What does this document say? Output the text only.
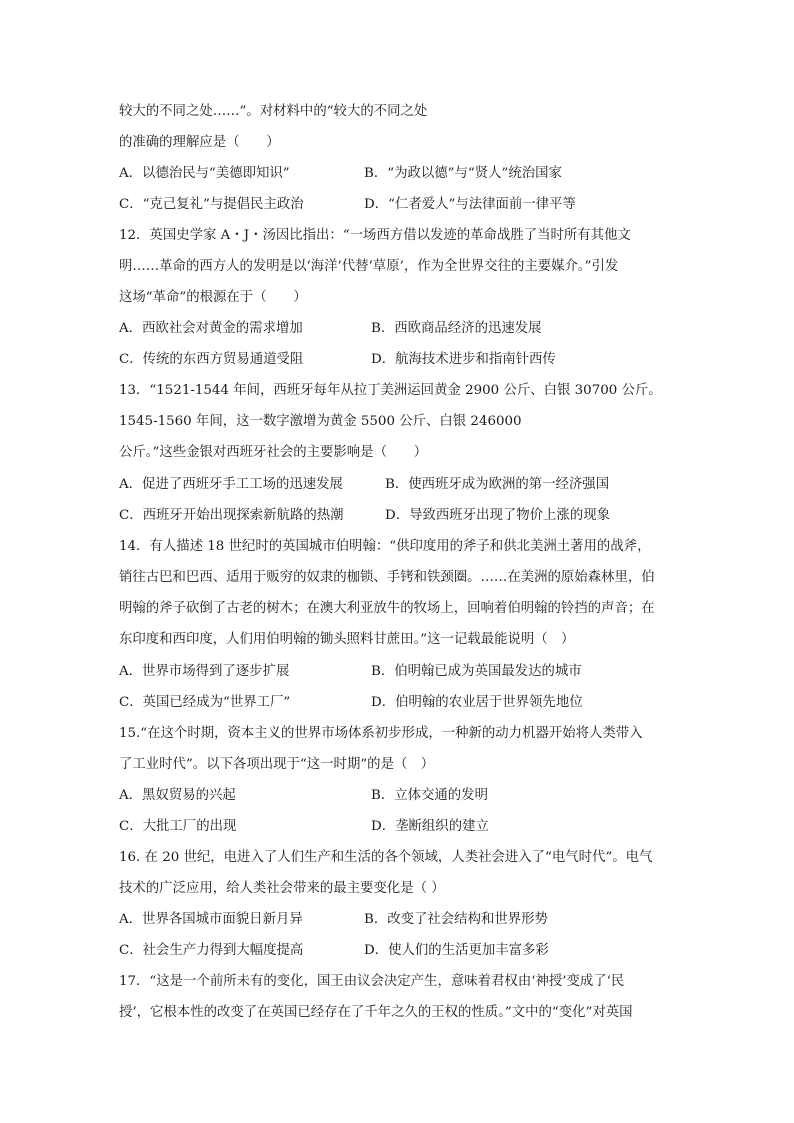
较大的不同之处……”。对材料中的“较大的不同之处
的准确的理解应是（　　）
A．以德治民与“美德即知识”	B．“为政以德”与“贤人”统治国家
C．“克己复礼”与提倡民主政治	D．“仁者爱人”与法律面前一律平等
12．英国史学家 A・J・汤因比指出：“一场西方借以发迹的革命战胜了当时所有其他文
明……革命的西方人的发明是以‘海洋’代替‘草原’，作为全世界交往的主要媒介。”引发
这场“革命”的根源在于（　　）
A．西欧社会对黄金的需求增加	B．西欧商品经济的迅速发展
C．传统的东西方贸易通道受阻	D．航海技术进步和指南针西传
13．“1521-1544 年间，西班牙每年从拉丁美洲运回黄金 2900 公斤、白银 30700 公斤。
1545-1560 年间，这一数字激增为黄金 5500 公斤、白银 246000
公斤。”这些金银对西班牙社会的主要影响是（　　）
A．促进了西班牙手工工场的迅速发展	B．使西班牙成为欧洲的第一经济强国
C．西班牙开始出现探索新航路的热潮	D．导致西班牙出现了物价上涨的现象
14．有人描述 18 世纪时的英国城市伯明翰：“供印度用的斧子和供北美洲土著用的战斧，
销往古巴和巴西、适用于贩穷的奴隶的枷锁、手铐和铁颈圈。……在美洲的原始森林里，伯
明翰的斧子砍倒了古老的树木；在澳大利亚放牛的牧场上，回响着伯明翰的铃挡的声音；在
东印度和西印度，人们用伯明翰的锄头照料甘蔗田。”这一记载最能说明（　）
A．世界市场得到了逐步扩展	B．伯明翰已成为英国最发达的城市
C．英国已经成为“世界工厂”	D．伯明翰的农业居于世界领先地位
15.“在这个时期，资本主义的世界市场体系初步形成，一种新的动力机器开始将人类带入
了工业时代”。以下各项出现于“这一时期”的是（　）
A．黑奴贸易的兴起	B．立体交通的发明
C．大批工厂的出现	D．垄断组织的建立
16. 在 20 世纪，电进入了人们生产和生活的各个领域，人类社会进入了“电气时代”。电气
技术的广泛应用，给人类社会带来的最主要变化是（ ）
A．世界各国城市面貌日新月异	B．改变了社会结构和世界形势
C．社会生产力得到大幅度提高	D．使人们的生活更加丰富多彩
17．“这是一个前所未有的变化，国王由议会决定产生，意味着君权由‘神授’变成了‘民
授’，它根本性的改变了在英国已经存在了千年之久的王权的性质。”文中的“变化”对英国
